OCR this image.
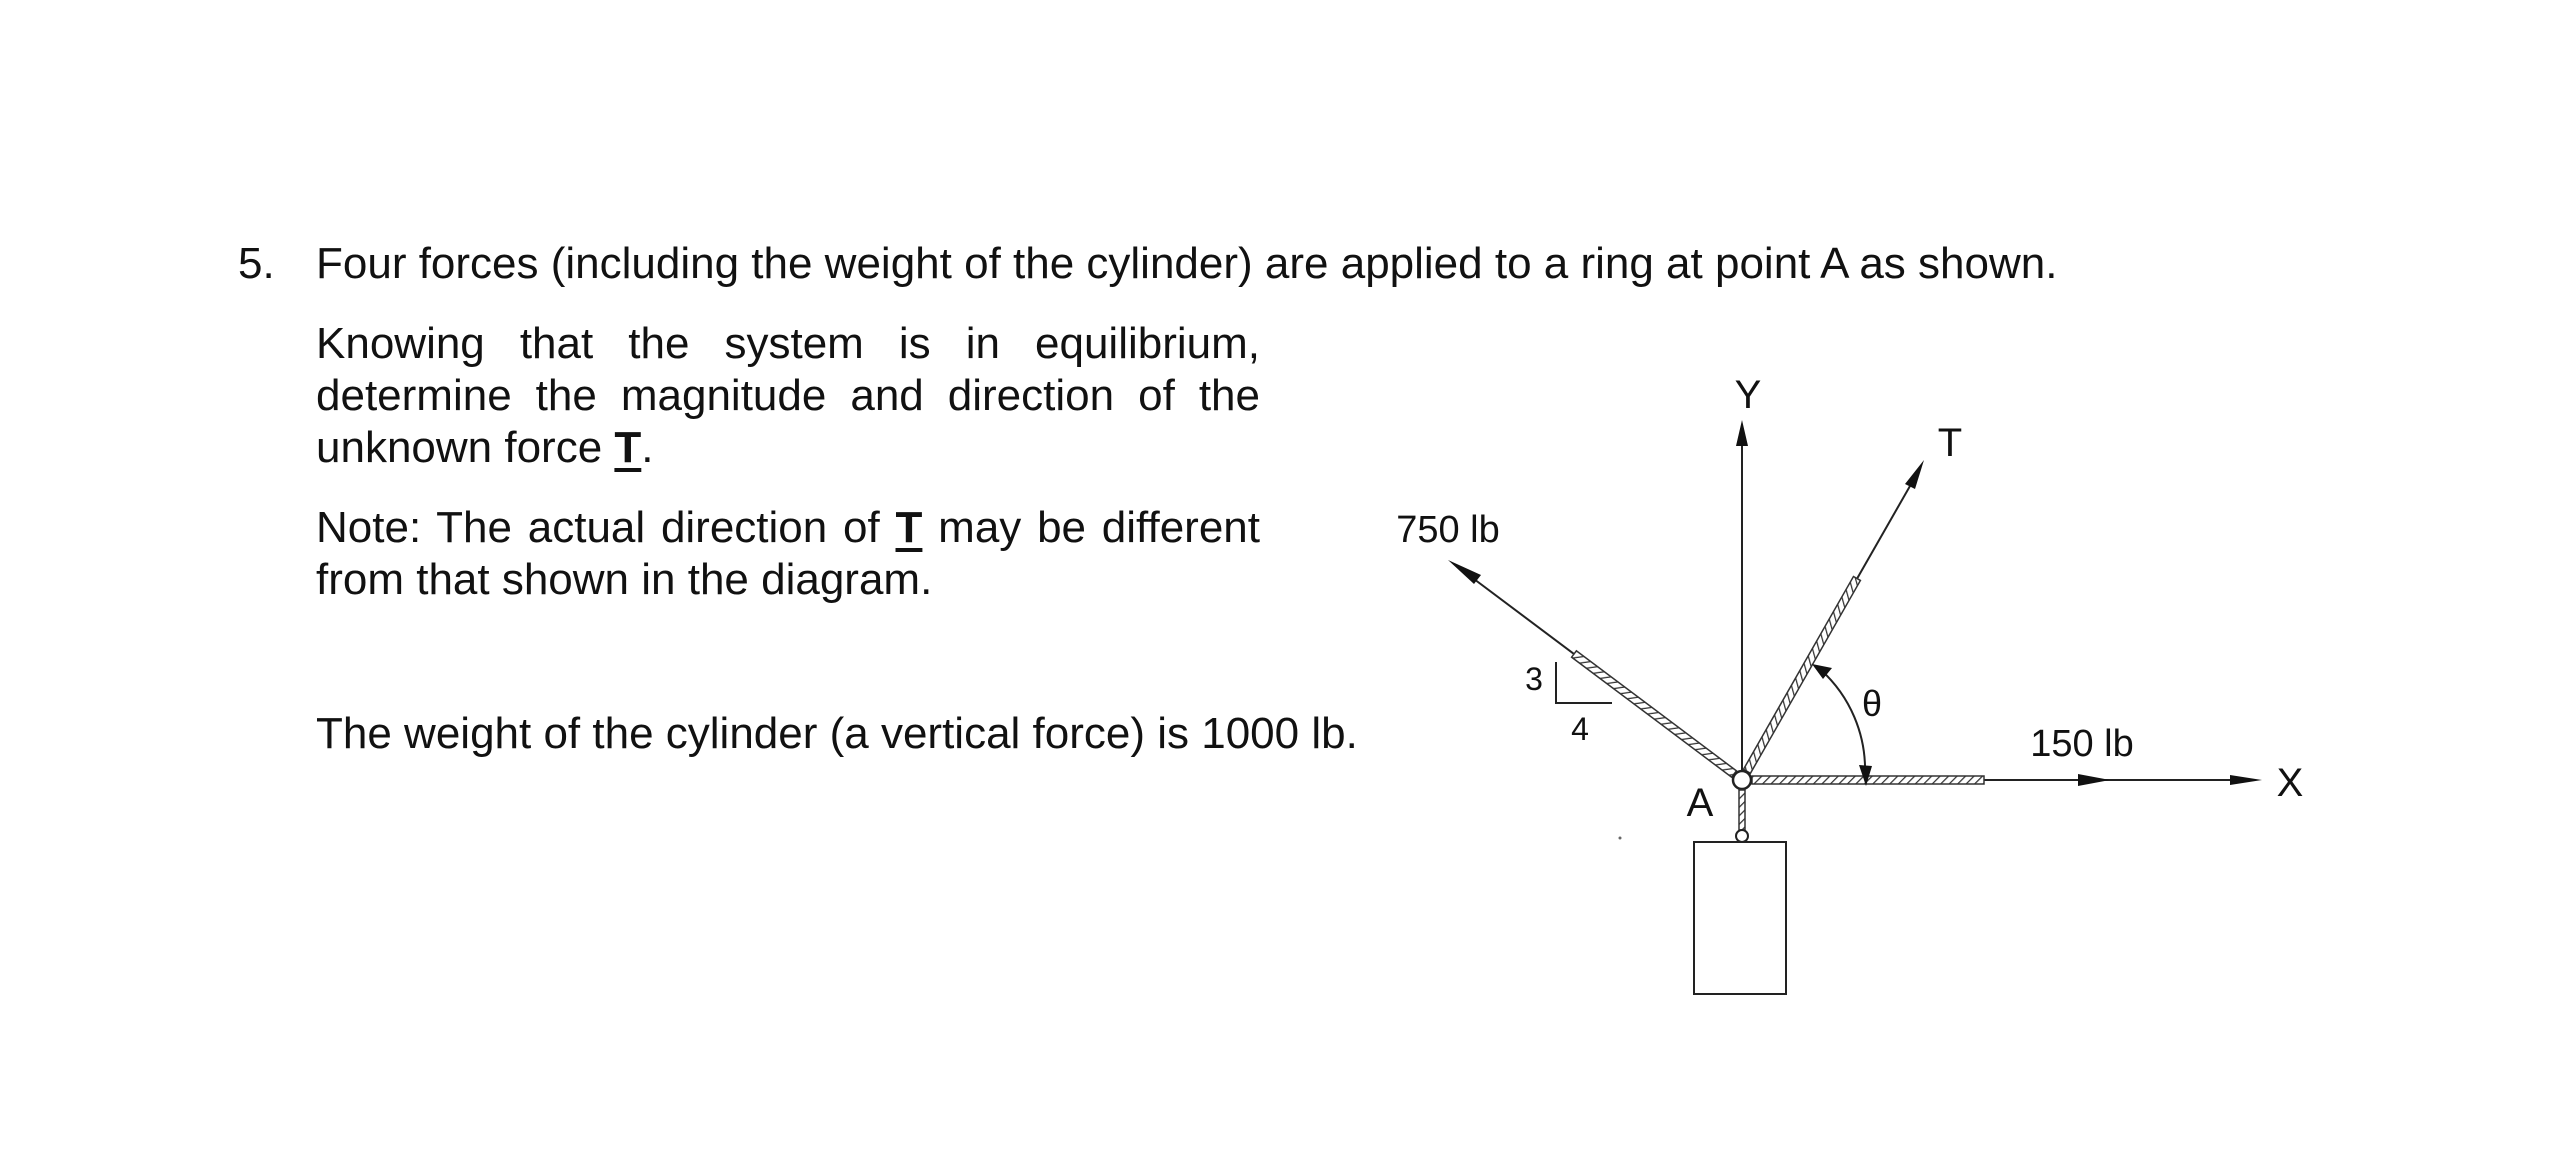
5. Four forces (including the weight of the cylinder) are applied to a ring at point A as shown.
Knowing that the system is in equilibrium, determine the magnitude and direction of the unknown force T.
Note: The actual direction of T may be different from that shown in the diagram.
The weight of the cylinder (a vertical force) is 1000 lb.
Y
X
150 lb
750 lb
3
4
T
θ
A
